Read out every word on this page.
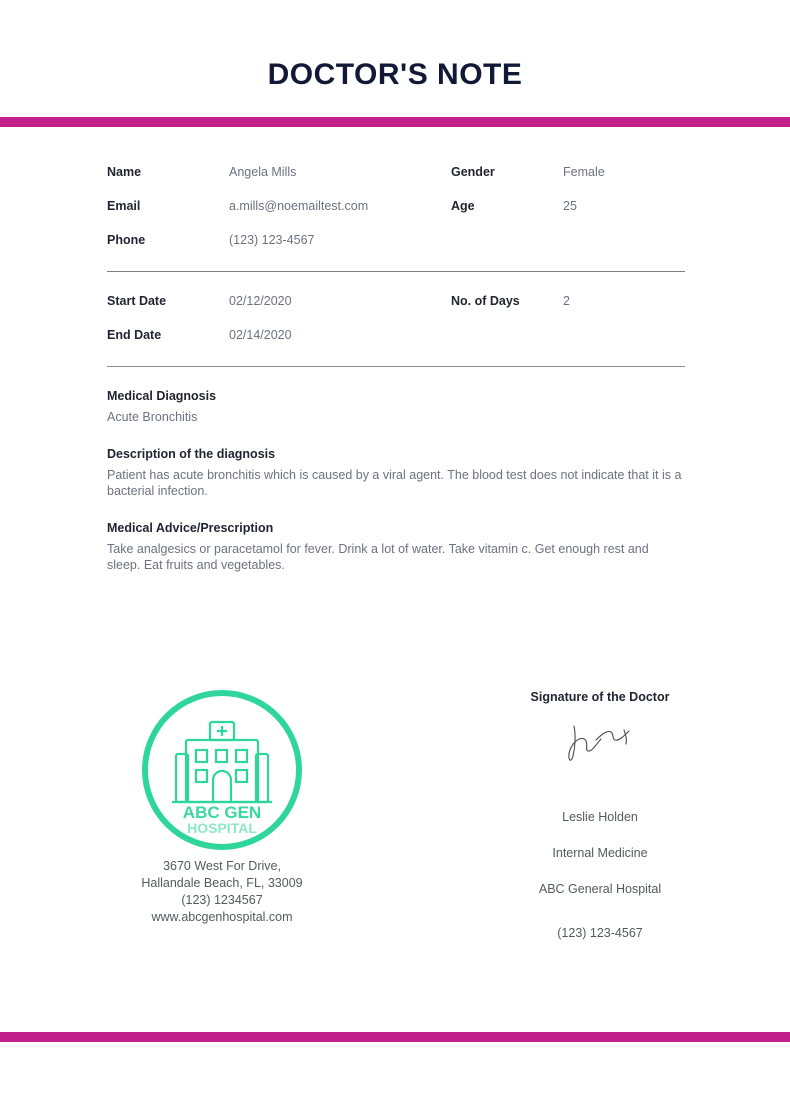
DOCTOR'S NOTE
Name	Angela Mills	Gender	Female
Email	a.mills@noemailtest.com	Age	25
Phone	(123) 123-4567
Start Date	02/12/2020	No. of Days	2
End Date	02/14/2020

Medical Diagnosis

Acute Bronchitis

Description of the diagnosis

Patient has acute bronchitis which is caused by a viral agent. The blood test does not indicate that it is a bacterial infection.

Medical Advice/Prescription

Take analgesics or paracetamol for fever. Drink a lot of water. Take vitamin c. Get enough rest and sleep. Eat fruits and vegetables.

ABC GEN
HOSPITAL
3670 West For Drive,
Hallandale Beach, FL, 33009
(123) 1234567
www.abcgenhospital.com

Signature of the Doctor

Leslie Holden
Internal Medicine
ABC General Hospital
(123) 123-4567
